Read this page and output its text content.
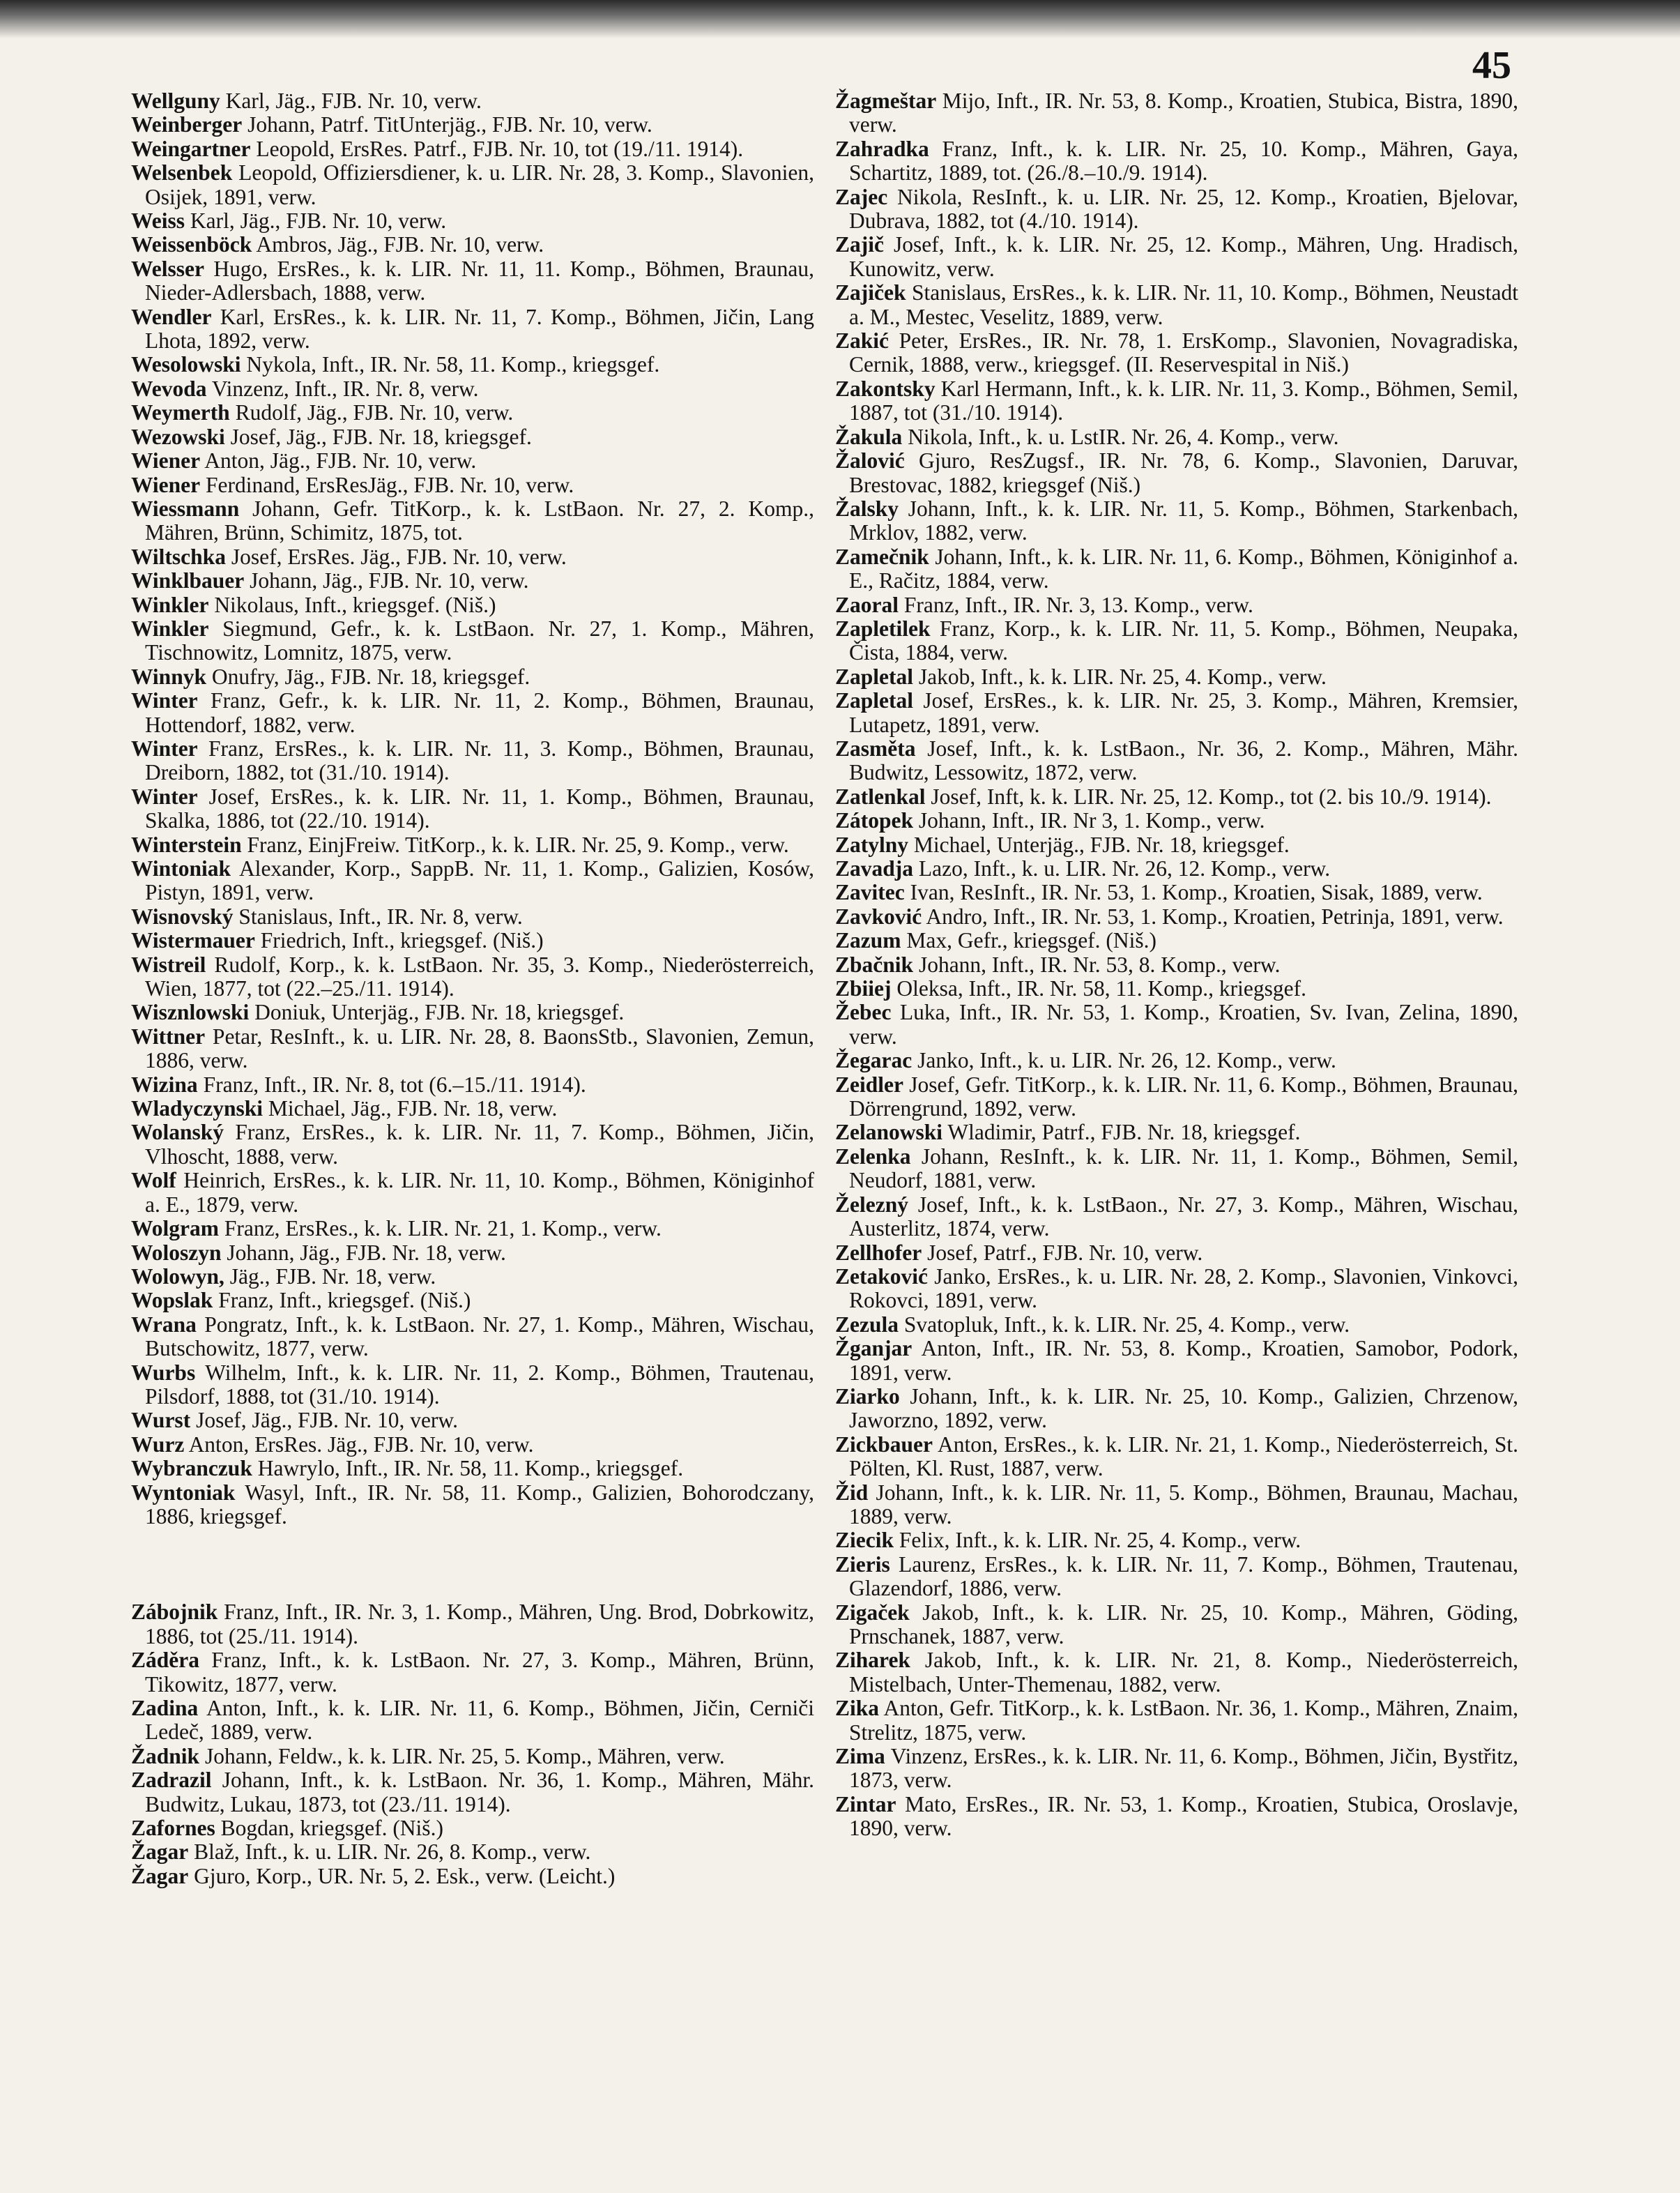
45

Wellguny Karl, Jäg., FJB. Nr. 10, verw.

Weinberger Johann, Patrf. TitUnterjäg., FJB. Nr. 10, verw.

Weingartner Leopold, ErsRes. Patrf., FJB. Nr. 10, tot (19./11. 1914).

Welsenbek Leopold, Offiziersdiener, k. u. LIR. Nr. 28, 3. Komp., Slavonien, Osijek, 1891, verw.

Weiss Karl, Jäg., FJB. Nr. 10, verw.

Weissenböck Ambros, Jäg., FJB. Nr. 10, verw.

Welsser Hugo, ErsRes., k. k. LIR. Nr. 11, 11. Komp., Böhmen, Braunau, Nieder-Adlersbach, 1888, verw.

Wendler Karl, ErsRes., k. k. LIR. Nr. 11, 7. Komp., Böhmen, Jičin, Lang Lhota, 1892, verw.

Wesolowski Nykola, Inft., IR. Nr. 58, 11. Komp., kriegsgef.

Wevoda Vinzenz, Inft., IR. Nr. 8, verw.

Weymerth Rudolf, Jäg., FJB. Nr. 10, verw.

Wezowski Josef, Jäg., FJB. Nr. 18, kriegsgef.

Wiener Anton, Jäg., FJB. Nr. 10, verw.

Wiener Ferdinand, ErsResJäg., FJB. Nr. 10, verw.

Wiessmann Johann, Gefr. TitKorp., k. k. LstBaon. Nr. 27, 2. Komp., Mähren, Brünn, Schimitz, 1875, tot.

Wiltschka Josef, ErsRes. Jäg., FJB. Nr. 10, verw.

Winklbauer Johann, Jäg., FJB. Nr. 10, verw.

Winkler Nikolaus, Inft., kriegsgef. (Niš.)

Winkler Siegmund, Gefr., k. k. LstBaon. Nr. 27, 1. Komp., Mähren, Tischnowitz, Lomnitz, 1875, verw.

Winnyk Onufry, Jäg., FJB. Nr. 18, kriegsgef.

Winter Franz, Gefr., k. k. LIR. Nr. 11, 2. Komp., Böhmen, Braunau, Hottendorf, 1882, verw.

Winter Franz, ErsRes., k. k. LIR. Nr. 11, 3. Komp., Böhmen, Braunau, Dreiborn, 1882, tot (31./10. 1914).

Winter Josef, ErsRes., k. k. LIR. Nr. 11, 1. Komp., Böhmen, Braunau, Skalka, 1886, tot (22./10. 1914).

Winterstein Franz, EinjFreiw. TitKorp., k. k. LIR. Nr. 25, 9. Komp., verw.

Wintoniak Alexander, Korp., SappB. Nr. 11, 1. Komp., Galizien, Kosów, Pistyn, 1891, verw.

Wisnovský Stanislaus, Inft., IR. Nr. 8, verw.

Wistermauer Friedrich, Inft., kriegsgef. (Niš.)

Wistreil Rudolf, Korp., k. k. LstBaon. Nr. 35, 3. Komp., Niederösterreich, Wien, 1877, tot (22.–25./11. 1914).

Wisznlowski Doniuk, Unterjäg., FJB. Nr. 18, kriegsgef.

Wittner Petar, ResInft., k. u. LIR. Nr. 28, 8. BaonsStb., Slavonien, Zemun, 1886, verw.

Wizina Franz, Inft., IR. Nr. 8, tot (6.–15./11. 1914).

Wladyczynski Michael, Jäg., FJB. Nr. 18, verw.

Wolanský Franz, ErsRes., k. k. LIR. Nr. 11, 7. Komp., Böhmen, Jičin, Vlhoscht, 1888, verw.

Wolf Heinrich, ErsRes., k. k. LIR. Nr. 11, 10. Komp., Böhmen, Königinhof a. E., 1879, verw.

Wolgram Franz, ErsRes., k. k. LIR. Nr. 21, 1. Komp., verw.

Woloszyn Johann, Jäg., FJB. Nr. 18, verw.

Wolowyn, Jäg., FJB. Nr. 18, verw.

Wopslak Franz, Inft., kriegsgef. (Niš.)

Wrana Pongratz, Inft., k. k. LstBaon. Nr. 27, 1. Komp., Mähren, Wischau, Butschowitz, 1877, verw.

Wurbs Wilhelm, Inft., k. k. LIR. Nr. 11, 2. Komp., Böhmen, Trautenau, Pilsdorf, 1888, tot (31./10. 1914).

Wurst Josef, Jäg., FJB. Nr. 10, verw.

Wurz Anton, ErsRes. Jäg., FJB. Nr. 10, verw.

Wybranczuk Hawrylo, Inft., IR. Nr. 58, 11. Komp., kriegsgef.

Wyntoniak Wasyl, Inft., IR. Nr. 58, 11. Komp., Galizien, Bohorodczany, 1886, kriegsgef.

Zábojnik Franz, Inft., IR. Nr. 3, 1. Komp., Mähren, Ung. Brod, Dobrkowitz, 1886, tot (25./11. 1914).

Záděra Franz, Inft., k. k. LstBaon. Nr. 27, 3. Komp., Mähren, Brünn, Tikowitz, 1877, verw.

Zadina Anton, Inft., k. k. LIR. Nr. 11, 6. Komp., Böhmen, Jičin, Cerniči Ledeč, 1889, verw.

Žadnik Johann, Feldw., k. k. LIR. Nr. 25, 5. Komp., Mähren, verw.

Zadrazil Johann, Inft., k. k. LstBaon. Nr. 36, 1. Komp., Mähren, Mähr. Budwitz, Lukau, 1873, tot (23./11. 1914).

Zafornes Bogdan, kriegsgef. (Niš.)

Žagar Blaž, Inft., k. u. LIR. Nr. 26, 8. Komp., verw.

Žagar Gjuro, Korp., UR. Nr. 5, 2. Esk., verw. (Leicht.)

Žagmeštar Mijo, Inft., IR. Nr. 53, 8. Komp., Kroatien, Stubica, Bistra, 1890, verw.

Zahradka Franz, Inft., k. k. LIR. Nr. 25, 10. Komp., Mähren, Gaya, Schartitz, 1889, tot. (26./8.–10./9. 1914).

Zajec Nikola, ResInft., k. u. LIR. Nr. 25, 12. Komp., Kroatien, Bjelovar, Dubrava, 1882, tot (4./10. 1914).

Zajič Josef, Inft., k. k. LIR. Nr. 25, 12. Komp., Mähren, Ung. Hradisch, Kunowitz, verw.

Zajiček Stanislaus, ErsRes., k. k. LIR. Nr. 11, 10. Komp., Böhmen, Neustadt a. M., Mestec, Veselitz, 1889, verw.

Zakić Peter, ErsRes., IR. Nr. 78, 1. ErsKomp., Slavonien, Novagradiska, Cernik, 1888, verw., kriegsgef. (II. Reservespital in Niš.)

Zakontsky Karl Hermann, Inft., k. k. LIR. Nr. 11, 3. Komp., Böhmen, Semil, 1887, tot (31./10. 1914).

Žakula Nikola, Inft., k. u. LstIR. Nr. 26, 4. Komp., verw.

Žalović Gjuro, ResZugsf., IR. Nr. 78, 6. Komp., Slavonien, Daruvar, Brestovac, 1882, kriegsgef (Niš.)

Žalsky Johann, Inft., k. k. LIR. Nr. 11, 5. Komp., Böhmen, Starkenbach, Mrklov, 1882, verw.

Zamečnik Johann, Inft., k. k. LIR. Nr. 11, 6. Komp., Böhmen, Königinhof a. E., Račitz, 1884, verw.

Zaoral Franz, Inft., IR. Nr. 3, 13. Komp., verw.

Zapletilek Franz, Korp., k. k. LIR. Nr. 11, 5. Komp., Böhmen, Neupaka, Čista, 1884, verw.

Zapletal Jakob, Inft., k. k. LIR. Nr. 25, 4. Komp., verw.

Zapletal Josef, ErsRes., k. k. LIR. Nr. 25, 3. Komp., Mähren, Kremsier, Lutapetz, 1891, verw.

Zasměta Josef, Inft., k. k. LstBaon., Nr. 36, 2. Komp., Mähren, Mähr. Budwitz, Lessowitz, 1872, verw.

Zatlenkal Josef, Inft, k. k. LIR. Nr. 25, 12. Komp., tot (2. bis 10./9. 1914).

Zátopek Johann, Inft., IR. Nr 3, 1. Komp., verw.

Zatylny Michael, Unterjäg., FJB. Nr. 18, kriegsgef.

Zavadja Lazo, Inft., k. u. LIR. Nr. 26, 12. Komp., verw.

Zavitec Ivan, ResInft., IR. Nr. 53, 1. Komp., Kroatien, Sisak, 1889, verw.

Zavković Andro, Inft., IR. Nr. 53, 1. Komp., Kroatien, Petrinja, 1891, verw.

Zazum Max, Gefr., kriegsgef. (Niš.)

Zbačnik Johann, Inft., IR. Nr. 53, 8. Komp., verw.

Zbiiej Oleksa, Inft., IR. Nr. 58, 11. Komp., kriegsgef.

Žebec Luka, Inft., IR. Nr. 53, 1. Komp., Kroatien, Sv. Ivan, Zelina, 1890, verw.

Žegarac Janko, Inft., k. u. LIR. Nr. 26, 12. Komp., verw.

Zeidler Josef, Gefr. TitKorp., k. k. LIR. Nr. 11, 6. Komp., Böhmen, Braunau, Dörrengrund, 1892, verw.

Zelanowski Wladimir, Patrf., FJB. Nr. 18, kriegsgef.

Zelenka Johann, ResInft., k. k. LIR. Nr. 11, 1. Komp., Böhmen, Semil, Neudorf, 1881, verw.

Železný Josef, Inft., k. k. LstBaon., Nr. 27, 3. Komp., Mähren, Wischau, Austerlitz, 1874, verw.

Zellhofer Josef, Patrf., FJB. Nr. 10, verw.

Zetaković Janko, ErsRes., k. u. LIR. Nr. 28, 2. Komp., Slavonien, Vinkovci, Rokovci, 1891, verw.

Zezula Svatopluk, Inft., k. k. LIR. Nr. 25, 4. Komp., verw.

Žganjar Anton, Inft., IR. Nr. 53, 8. Komp., Kroatien, Samobor, Podork, 1891, verw.

Ziarko Johann, Inft., k. k. LIR. Nr. 25, 10. Komp., Galizien, Chrzenow, Jaworzno, 1892, verw.

Zickbauer Anton, ErsRes., k. k. LIR. Nr. 21, 1. Komp., Niederösterreich, St. Pölten, Kl. Rust, 1887, verw.

Žid Johann, Inft., k. k. LIR. Nr. 11, 5. Komp., Böhmen, Braunau, Machau, 1889, verw.

Ziecik Felix, Inft., k. k. LIR. Nr. 25, 4. Komp., verw.

Zieris Laurenz, ErsRes., k. k. LIR. Nr. 11, 7. Komp., Böhmen, Trautenau, Glazendorf, 1886, verw.

Zigaček Jakob, Inft., k. k. LIR. Nr. 25, 10. Komp., Mähren, Göding, Prnschanek, 1887, verw.

Ziharek Jakob, Inft., k. k. LIR. Nr. 21, 8. Komp., Niederösterreich, Mistelbach, Unter-Themenau, 1882, verw.

Zika Anton, Gefr. TitKorp., k. k. LstBaon. Nr. 36, 1. Komp., Mähren, Znaim, Strelitz, 1875, verw.

Zima Vinzenz, ErsRes., k. k. LIR. Nr. 11, 6. Komp., Böhmen, Jičin, Bystřitz, 1873, verw.

Zintar Mato, ErsRes., IR. Nr. 53, 1. Komp., Kroatien, Stubica, Oroslavje, 1890, verw.
